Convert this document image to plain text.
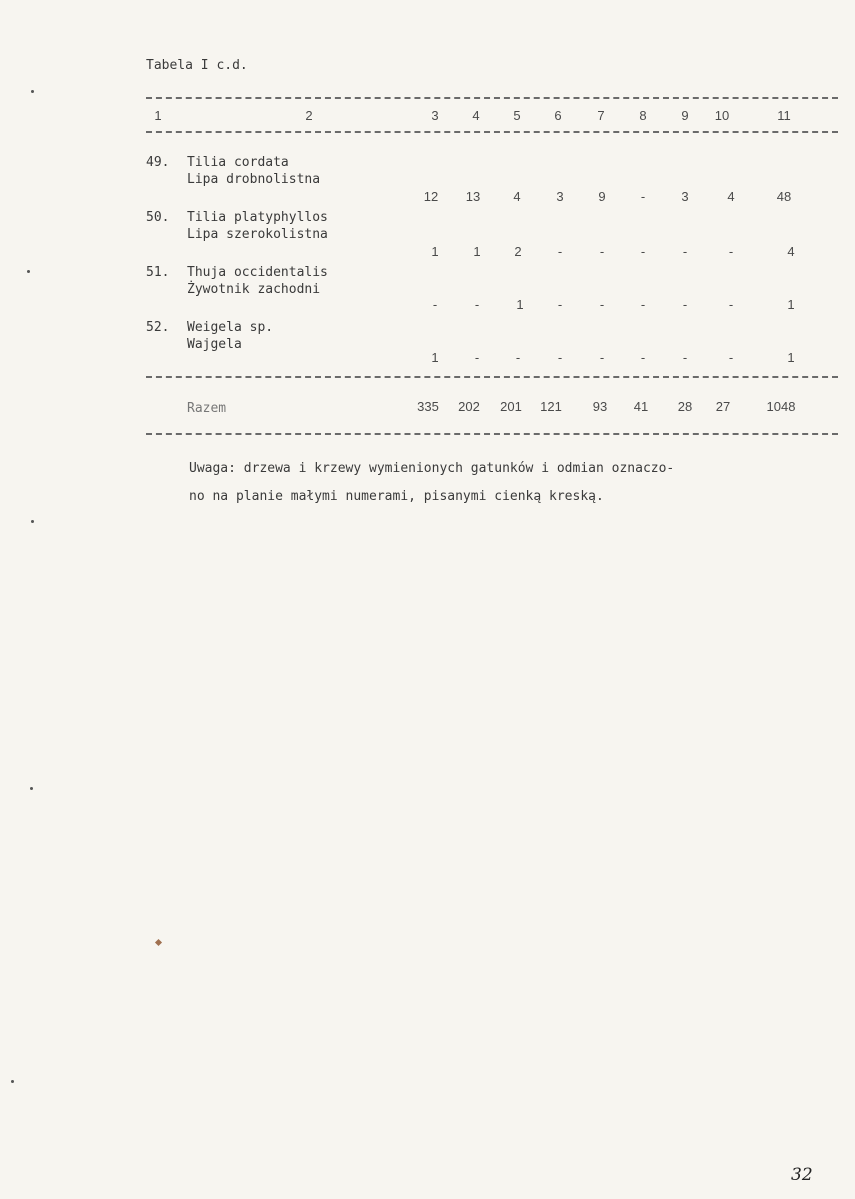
Tabela I c.d.
1	2	3	4	5	6	7	8	9	10	11
49. Tilia cordata
Lipa drobnolistna
12	13	4	3	9	-	3	4	48
50. Tilia platyphyllos
Lipa szerokolistna
1	1	2	-	-	-	-	-	4
51. Thuja occidentalis
Żywotnik zachodni
-	-	1	-	-	-	-	-	1
52. Weigela sp.
Wajgela
1	-	-	-	-	-	-	-	1
Razem	335	202	201	121	93	41	28	27	1048
Uwaga: drzewa i krzewy wymienionych gatunków i odmian oznaczo-
no na planie małymi numerami, pisanymi cienką kreską.
32
